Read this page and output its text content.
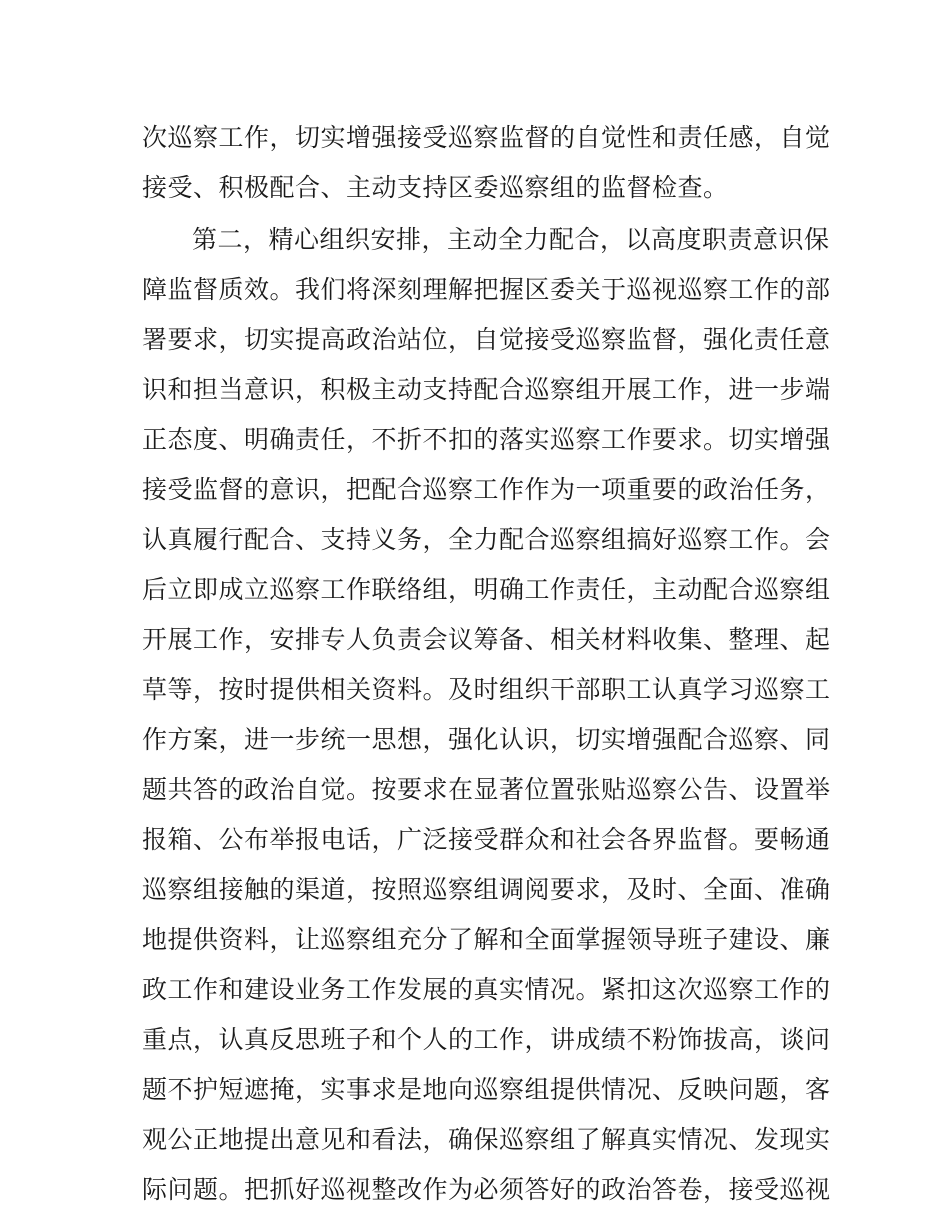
次巡察工作，切实增强接受巡察监督的自觉性和责任感，自觉
接受、积极配合、主动支持区委巡察组的监督检查。
第二，精心组织安排，主动全力配合，以高度职责意识保
障监督质效。我们将深刻理解把握区委关于巡视巡察工作的部
署要求，切实提高政治站位，自觉接受巡察监督，强化责任意
识和担当意识，积极主动支持配合巡察组开展工作，进一步端
正态度、明确责任，不折不扣的落实巡察工作要求。切实增强
接受监督的意识，把配合巡察工作作为一项重要的政治任务，
认真履行配合、支持义务，全力配合巡察组搞好巡察工作。会
后立即成立巡察工作联络组，明确工作责任，主动配合巡察组
开展工作，安排专人负责会议筹备、相关材料收集、整理、起
草等，按时提供相关资料。及时组织干部职工认真学习巡察工
作方案，进一步统一思想，强化认识，切实增强配合巡察、同
题共答的政治自觉。按要求在显著位置张贴巡察公告、设置举
报箱、公布举报电话，广泛接受群众和社会各界监督。要畅通
巡察组接触的渠道，按照巡察组调阅要求，及时、全面、准确
地提供资料，让巡察组充分了解和全面掌握领导班子建设、廉
政工作和建设业务工作发展的真实情况。紧扣这次巡察工作的
重点，认真反思班子和个人的工作，讲成绩不粉饰拔高，谈问
题不护短遮掩，实事求是地向巡察组提供情况、反映问题，客
观公正地提出意见和看法，确保巡察组了解真实情况、发现实
际问题。把抓好巡视整改作为必须答好的政治答卷，接受巡视
